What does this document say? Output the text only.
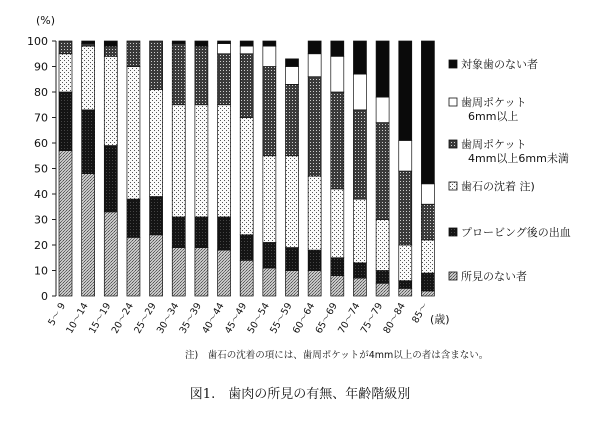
(%)
0
10
20
30
40
50
60
70
80
90
100
5～ 9
10～14
15～19
20～24
25～29
30～34
35～39
40～44
45～49
50～54
55～59
60～64
65～69
70～74
75～79
80～84 85～ (歳)
対象歯のない者
歯周ポケット 6mm以上
歯周ポケット 4mm以上6mm未満
歯石の沈着 注)
プロービング後の出血
所見のない者
注)　歯石の沈着の項には、歯周ポケットが4mm以上の者は含まない。
図1.　歯肉の所見の有無、年齢階級別
